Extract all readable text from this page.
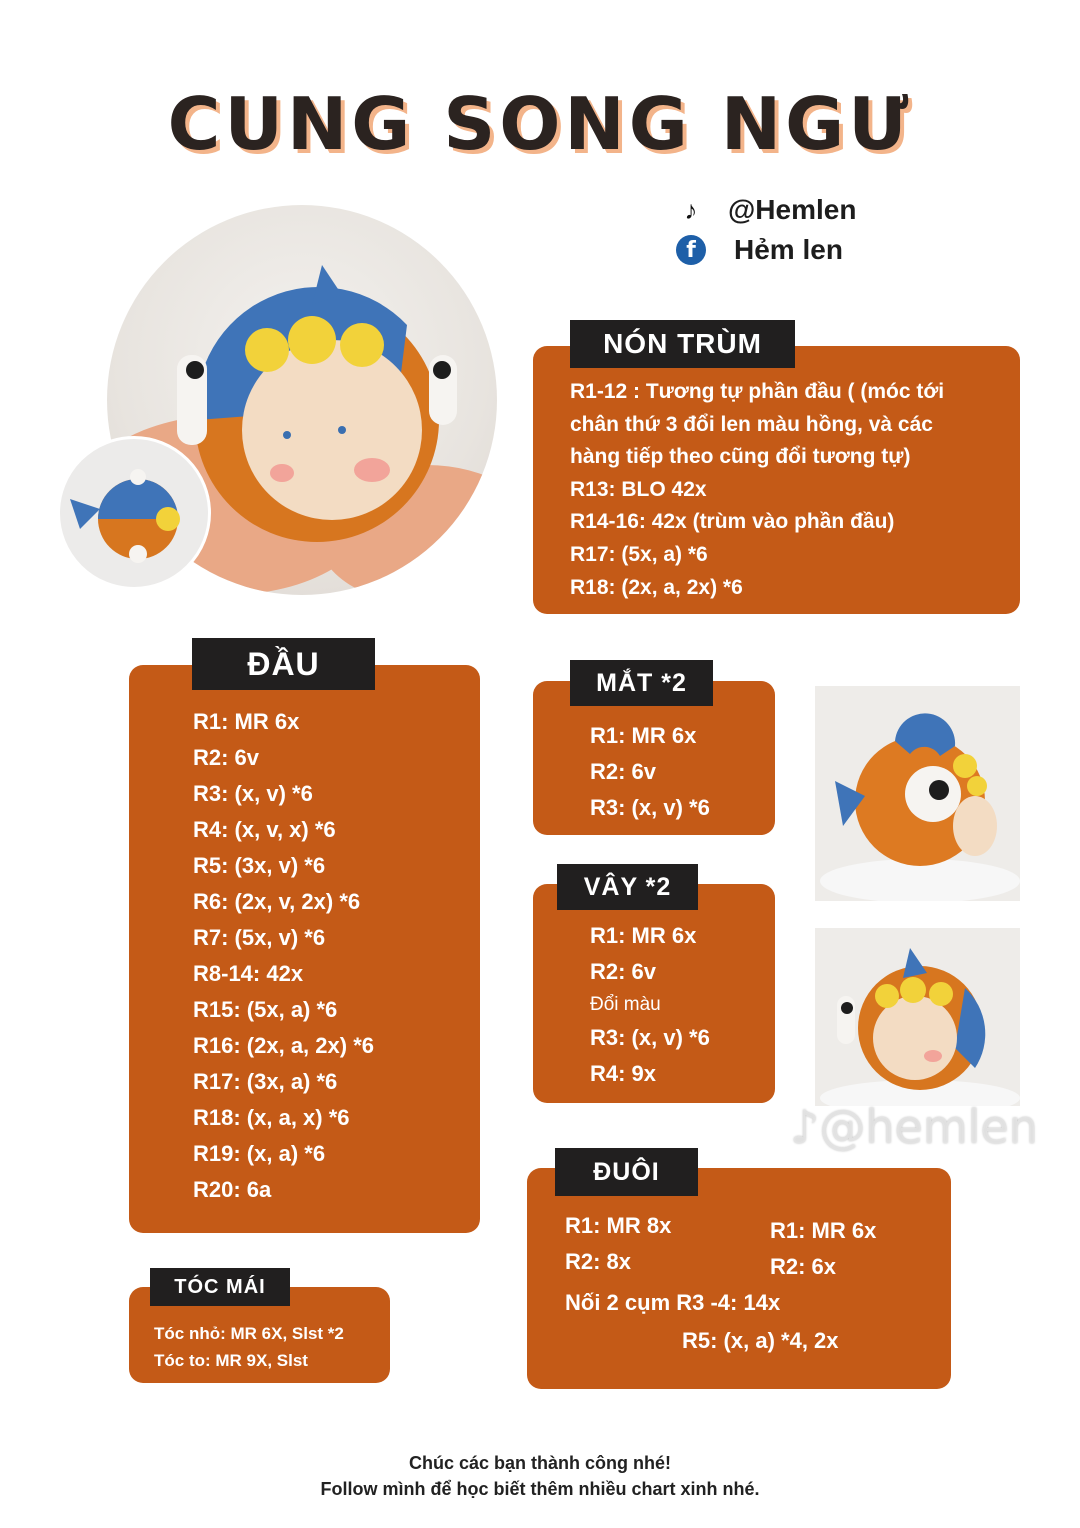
CUNG SONG NGƯ
♪	@Hemlen
f	Hẻm len
NÓN TRÙM
R1-12 : Tương tự phần đầu ( (móc tới
chân thứ 3 đổi len màu hồng, và các
hàng tiếp theo cũng đổi tương tự)
R13: BLO 42x
R14-16: 42x (trùm vào phần đầu)
R17: (5x, a) *6
R18: (2x, a, 2x) *6
ĐẦU
R1: MR 6x
R2: 6v
R3: (x, v) *6
R4: (x, v, x) *6
R5: (3x, v) *6
R6: (2x, v, 2x) *6
R7: (5x, v) *6
R8-14: 42x
R15: (5x, a) *6
R16: (2x, a, 2x) *6
R17: (3x, a) *6
R18: (x, a, x) *6
R19: (x, a) *6
R20: 6a
MẮT *2
R1: MR 6x
R2: 6v
R3: (x, v) *6
VÂY *2
R1: MR 6x
R2: 6v
Đổi màu
R3: (x, v) *6
R4: 9x
♪@hemlen
ĐUÔI
R1: MR 8x
R2: 8x
R1: MR 6x
R2: 6x
Nối 2 cụm R3 -4: 14x
R5: (x, a) *4, 2x
TÓC MÁI
Tóc nhỏ: MR 6X, Slst *2
Tóc to: MR 9X, Slst
Chúc các bạn thành công nhé!
Follow mình để học biết thêm nhiều chart xinh nhé.
